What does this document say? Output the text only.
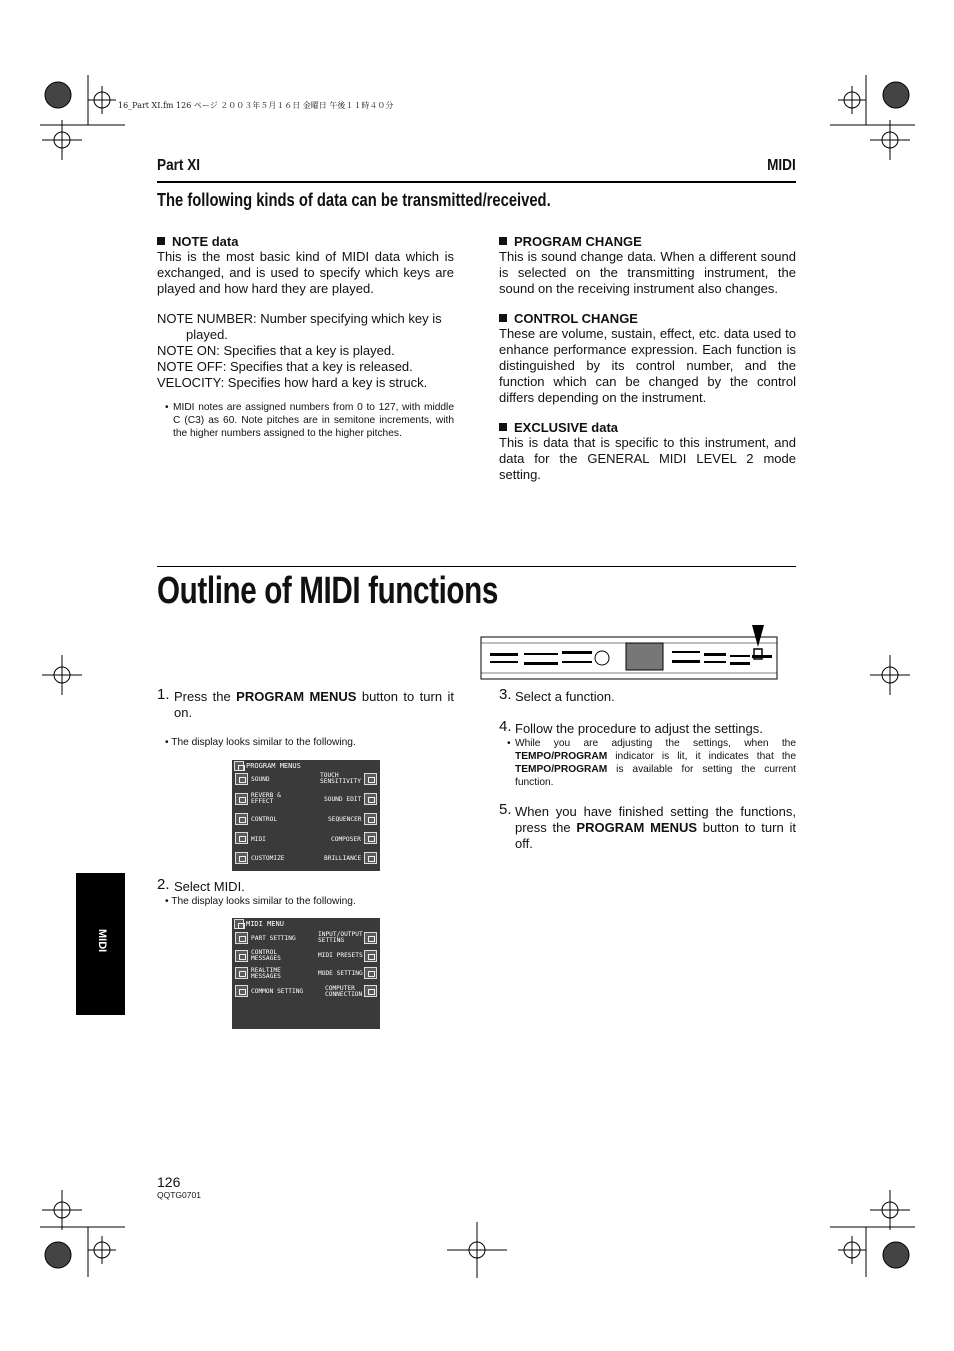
16_Part XI.fm 126 ページ ２００３年５月１６日 金曜日 午後１１時４０分
Part XI	MIDI
The following kinds of data can be transmitted/received.
NOTE data
This is the most basic kind of MIDI data which is exchanged, and is used to specify which keys are played and how hard they are played.
NOTE NUMBER: Number specifying which key is played.
NOTE ON: Specifies that a key is played.
NOTE OFF: Specifies that a key is released.
VELOCITY: Specifies how hard a key is struck.
• MIDI notes are assigned numbers from 0 to 127, with middle C (C3) as 60. Note pitches are in semitone increments, with the higher numbers assigned to the higher pitches.
PROGRAM CHANGE
This is sound change data. When a different sound is selected on the transmitting instrument, the sound on the receiving instrument also changes.
CONTROL CHANGE
These are volume, sustain, effect, etc. data used to enhance performance expression. Each function is distinguished by its control number, and the function which can be changed by the control differs depending on the instrument.
EXCLUSIVE data
This is data that is specific to this instrument, and data for the GENERAL MIDI LEVEL 2 mode setting.
Outline of MIDI functions
1. Press the PROGRAM MENUS button to turn it on.
• The display looks similar to the following.
PROGRAM MENUS
SOUND
REVERB &
EFFECT
CONTROL
MIDI
CUSTOMIZE
TOUCH
SENSITIVITY
SOUND EDIT
SEQUENCER
COMPOSER
BRILLIANCE
2. Select MIDI.
• The display looks similar to the following.
MIDI MENU
PART SETTING
CONTROL
MESSAGES
REALTIME
MESSAGES
COMMON SETTING
INPUT/OUTPUT
SETTING
MIDI PRESETS
MODE SETTING
COMPUTER
CONNECTION
3. Select a function.
4. Follow the procedure to adjust the settings.
• While you are adjusting the settings, when the TEMPO/PROGRAM indicator is lit, it indicates that the TEMPO/PROGRAM is available for setting the current function.
5. When you have finished setting the functions, press the PROGRAM MENUS button to turn it off.
MIDI
126
QQTG0701
